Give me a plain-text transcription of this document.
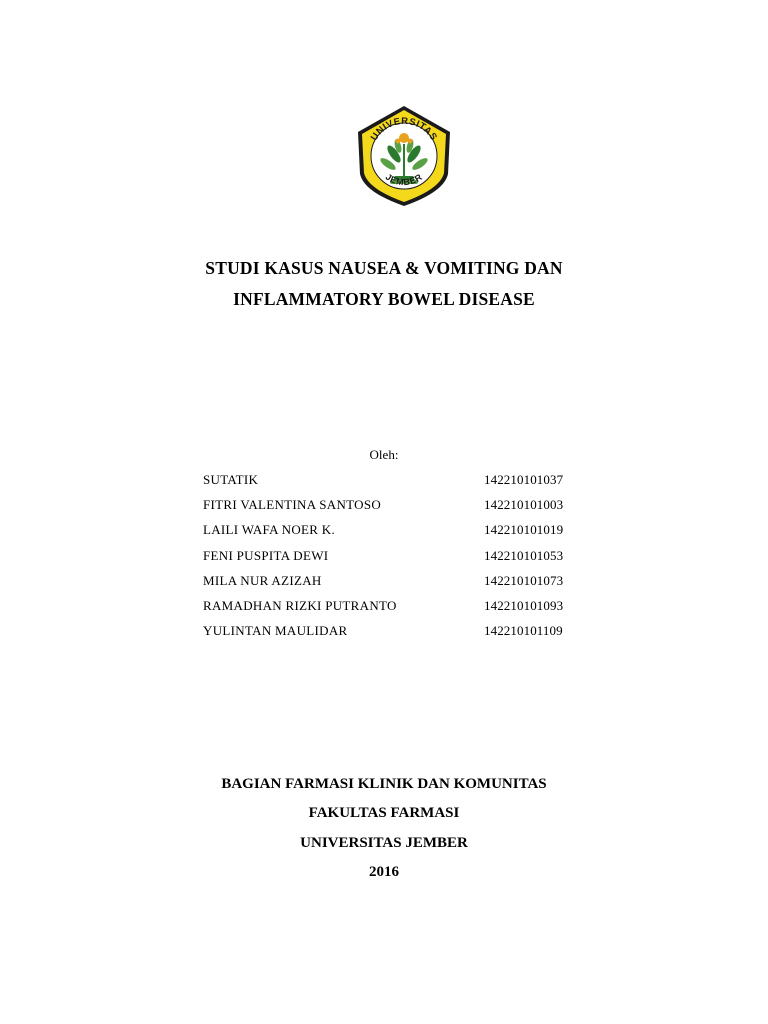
UNIVERSITAS
JEMBER
STUDI KASUS NAUSEA & VOMITING DAN
INFLAMMATORY BOWEL DISEASE
Oleh:
SUTATIK	142210101037
FITRI VALENTINA SANTOSO	142210101003
LAILI WAFA NOER K.	142210101019
FENI PUSPITA DEWI	142210101053
MILA NUR AZIZAH	142210101073
RAMADHAN RIZKI PUTRANTO	142210101093
YULINTAN MAULIDAR	142210101109
BAGIAN FARMASI KLINIK DAN KOMUNITAS
FAKULTAS FARMASI
UNIVERSITAS JEMBER
2016
